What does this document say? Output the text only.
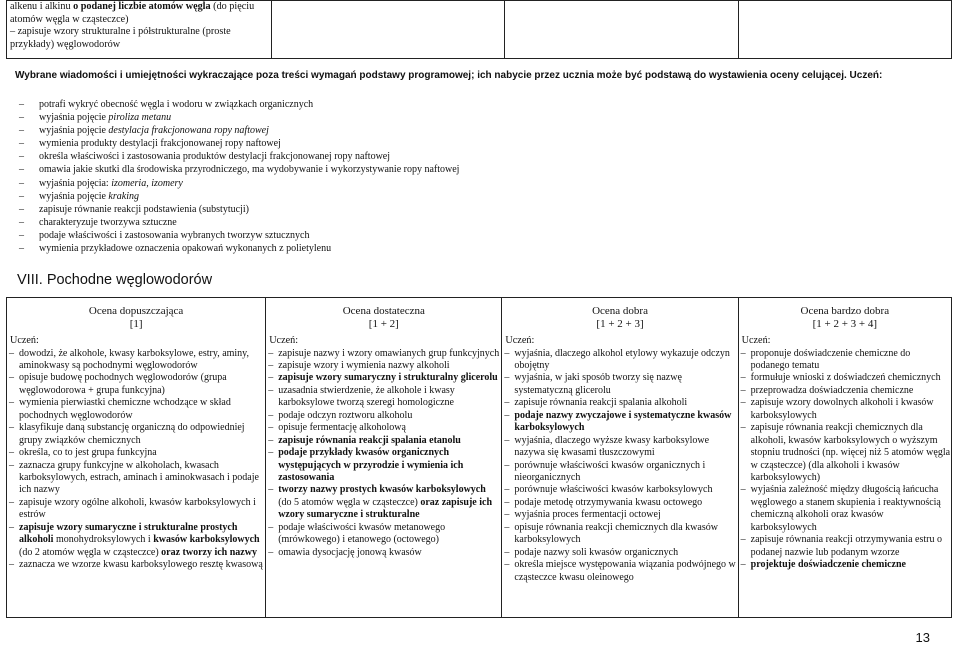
alkenu i alkinu o podanej liczbie atomów węgla (do pięciu atomów węgla w cząsteczce)
– zapisuje wzory strukturalne i półstrukturalne (proste przykłady) węglowodorów

Wybrane wiadomości i umiejętności wykraczające poza treści wymagań podstawy programowej; ich nabycie przez ucznia może być podstawą do wystawienia oceny celującej. Uczeń:
– potrafi wykryć obecność węgla i wodoru w związkach organicznych
– wyjaśnia pojęcie piroliza metanu
– wyjaśnia pojęcie destylacja frakcjonowana ropy naftowej
– wymienia produkty destylacji frakcjonowanej ropy naftowej
– określa właściwości i zastosowania produktów destylacji frakcjonowanej ropy naftowej
– omawia jakie skutki dla środowiska przyrodniczego, ma wydobywanie i wykorzystywanie ropy naftowej
– wyjaśnia pojęcia: izomeria, izomery
– wyjaśnia pojęcie kraking
– zapisuje równanie reakcji podstawienia (substytucji)
– charakteryzuje tworzywa sztuczne
– podaje właściwości i zastosowania wybranych tworzyw sztucznych
– wymienia przykładowe oznaczenia opakowań wykonanych z polietylenu
VIII. Pochodne węglowodorów
Ocena dopuszczająca
[1]
Uczeń:
– dowodzi, że alkohole, kwasy karboksylowe, estry, aminy, aminokwasy są pochodnymi węglowodorów
– opisuje budowę pochodnych węglowodorów (grupa węglowodorowa + grupa funkcyjna)
– wymienia pierwiastki chemiczne wchodzące w skład pochodnych węglowodorów
– klasyfikuje daną substancję organiczną do odpowiedniej grupy związków chemicznych
– określa, co to jest grupa funkcyjna
– zaznacza grupy funkcyjne w alkoholach, kwasach karboksylowych, estrach, aminach i aminokwasach i podaje ich nazwy
– zapisuje wzory ogólne alkoholi, kwasów karboksylowych i estrów
– zapisuje wzory sumaryczne i strukturalne prostych alkoholi monohydroksylowych i kwasów karboksylowych (do 2 atomów węgla w cząsteczce) oraz tworzy ich nazwy
– zaznacza we wzorze kwasu karboksylowego resztę kwasową

Ocena dostateczna
[1 + 2]
Uczeń:
– zapisuje nazwy i wzory omawianych grup funkcyjnych
– zapisuje wzory i wymienia nazwy alkoholi
– zapisuje wzory sumaryczny i strukturalny glicerolu
– uzasadnia stwierdzenie, że alkohole i kwasy karboksylowe tworzą szeregi homologiczne
– podaje odczyn roztworu alkoholu
– opisuje fermentację alkoholową
– zapisuje równania reakcji spalania etanolu
– podaje przykłady kwasów organicznych występujących w przyrodzie i wymienia ich zastosowania
– tworzy nazwy prostych kwasów karboksylowych (do 5 atomów węgla w cząsteczce) oraz zapisuje ich wzory sumaryczne i strukturalne
– podaje właściwości kwasów metanowego (mrówkowego) i etanowego (octowego)
– omawia dysocjację jonową kwasów

Ocena dobra
[1 + 2 + 3]
Uczeń:
– wyjaśnia, dlaczego alkohol etylowy wykazuje odczyn obojętny
– wyjaśnia, w jaki sposób tworzy się nazwę systematyczną glicerolu
– zapisuje równania reakcji spalania alkoholi
– podaje nazwy zwyczajowe i systematyczne kwasów karboksylowych
– wyjaśnia, dlaczego wyższe kwasy karboksylowe nazywa się kwasami tłuszczowymi
– porównuje właściwości kwasów organicznych i nieorganicznych
– porównuje właściwości kwasów karboksylowych
– podaje metodę otrzymywania kwasu octowego
– wyjaśnia proces fermentacji octowej
– opisuje równania reakcji chemicznych dla kwasów karboksylowych
– podaje nazwy soli kwasów organicznych
– określa miejsce występowania wiązania podwójnego w cząsteczce kwasu oleinowego

Ocena bardzo dobra
[1 + 2 + 3 + 4]
Uczeń:
– proponuje doświadczenie chemiczne do podanego tematu
– formułuje wnioski z doświadczeń chemicznych
– przeprowadza doświadczenia chemiczne
– zapisuje wzory dowolnych alkoholi i kwasów karboksylowych
– zapisuje równania reakcji chemicznych dla alkoholi, kwasów karboksylowych o wyższym stopniu trudności (np. więcej niż 5 atomów węgla w cząsteczce) (dla alkoholi i kwasów karboksylowych)
– wyjaśnia zależność między długością łańcucha węglowego a stanem skupienia i reaktywnością chemiczną alkoholi oraz kwasów karboksylowych
– zapisuje równania reakcji otrzymywania estru o podanej nazwie lub podanym wzorze
– projektuje doświadczenie chemiczne
13
